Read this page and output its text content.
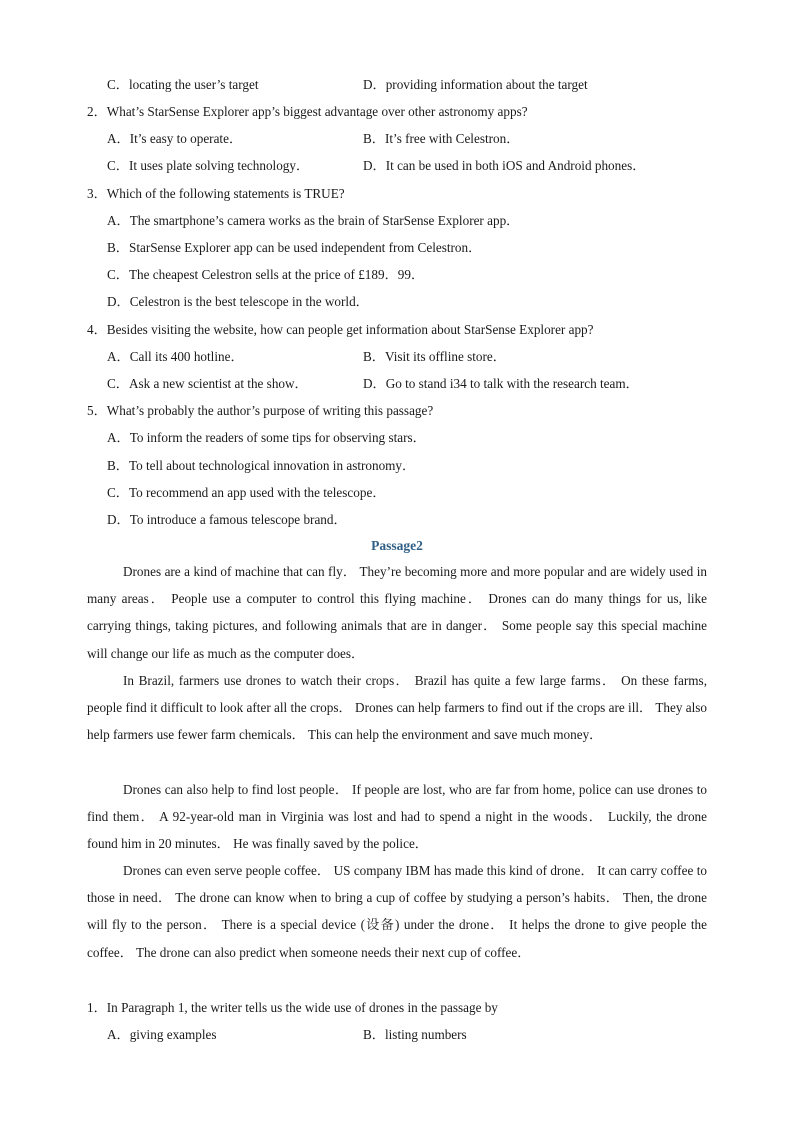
C．locating the user’s target	D．providing information about the target
2．What’s StarSense Explorer app’s biggest advantage over other astronomy apps?
A．It’s easy to operate．	B．It’s free with Celestron．
C．It uses plate solving technology．	D．It can be used in both iOS and Android phones．
3．Which of the following statements is TRUE?
A．The smartphone’s camera works as the brain of StarSense Explorer app．
B．StarSense Explorer app can be used independent from Celestron．
C．The cheapest Celestron sells at the price of £189．99．
D．Celestron is the best telescope in the world．
4．Besides visiting the website, how can people get information about StarSense Explorer app?
A．Call its 400 hotline．	B．Visit its offline store．
C．Ask a new scientist at the show．	D．Go to stand i34 to talk with the research team．
5．What’s probably the author’s purpose of writing this passage?
A．To inform the readers of some tips for observing stars．
B．To tell about technological innovation in astronomy．
C．To recommend an app used with the telescope．
D．To introduce a famous telescope brand．
Passage2

Drones are a kind of machine that can fly． They’re becoming more and more popular and are widely used in many areas． People use a computer to control this flying machine． Drones can do many things for us, like carrying things, taking pictures, and following animals that are in danger． Some people say this special machine will change our life as much as the computer does．

In Brazil, farmers use drones to watch their crops． Brazil has quite a few large farms． On these farms, people find it difficult to look after all the crops． Drones can help farmers to find out if the crops are ill． They also help farmers use fewer farm chemicals． This can help the environment and save much money．

Drones can also help to find lost people． If people are lost, who are far from home, police can use drones to find them． A 92-year-old man in Virginia was lost and had to spend a night in the woods． Luckily, the drone found him in 20 minutes． He was finally saved by the police．

Drones can even serve people coffee． US company IBM has made this kind of drone． It can carry coffee to those in need． The drone can know when to bring a cup of coffee by studying a person’s habits． Then, the drone will fly to the person． There is a special device (设备) under the drone． It helps the drone to give people the coffee． The drone can also predict when someone needs their next cup of coffee．

1．In Paragraph 1, the writer tells us the wide use of drones in the passage by
A．giving examples	B．listing numbers
